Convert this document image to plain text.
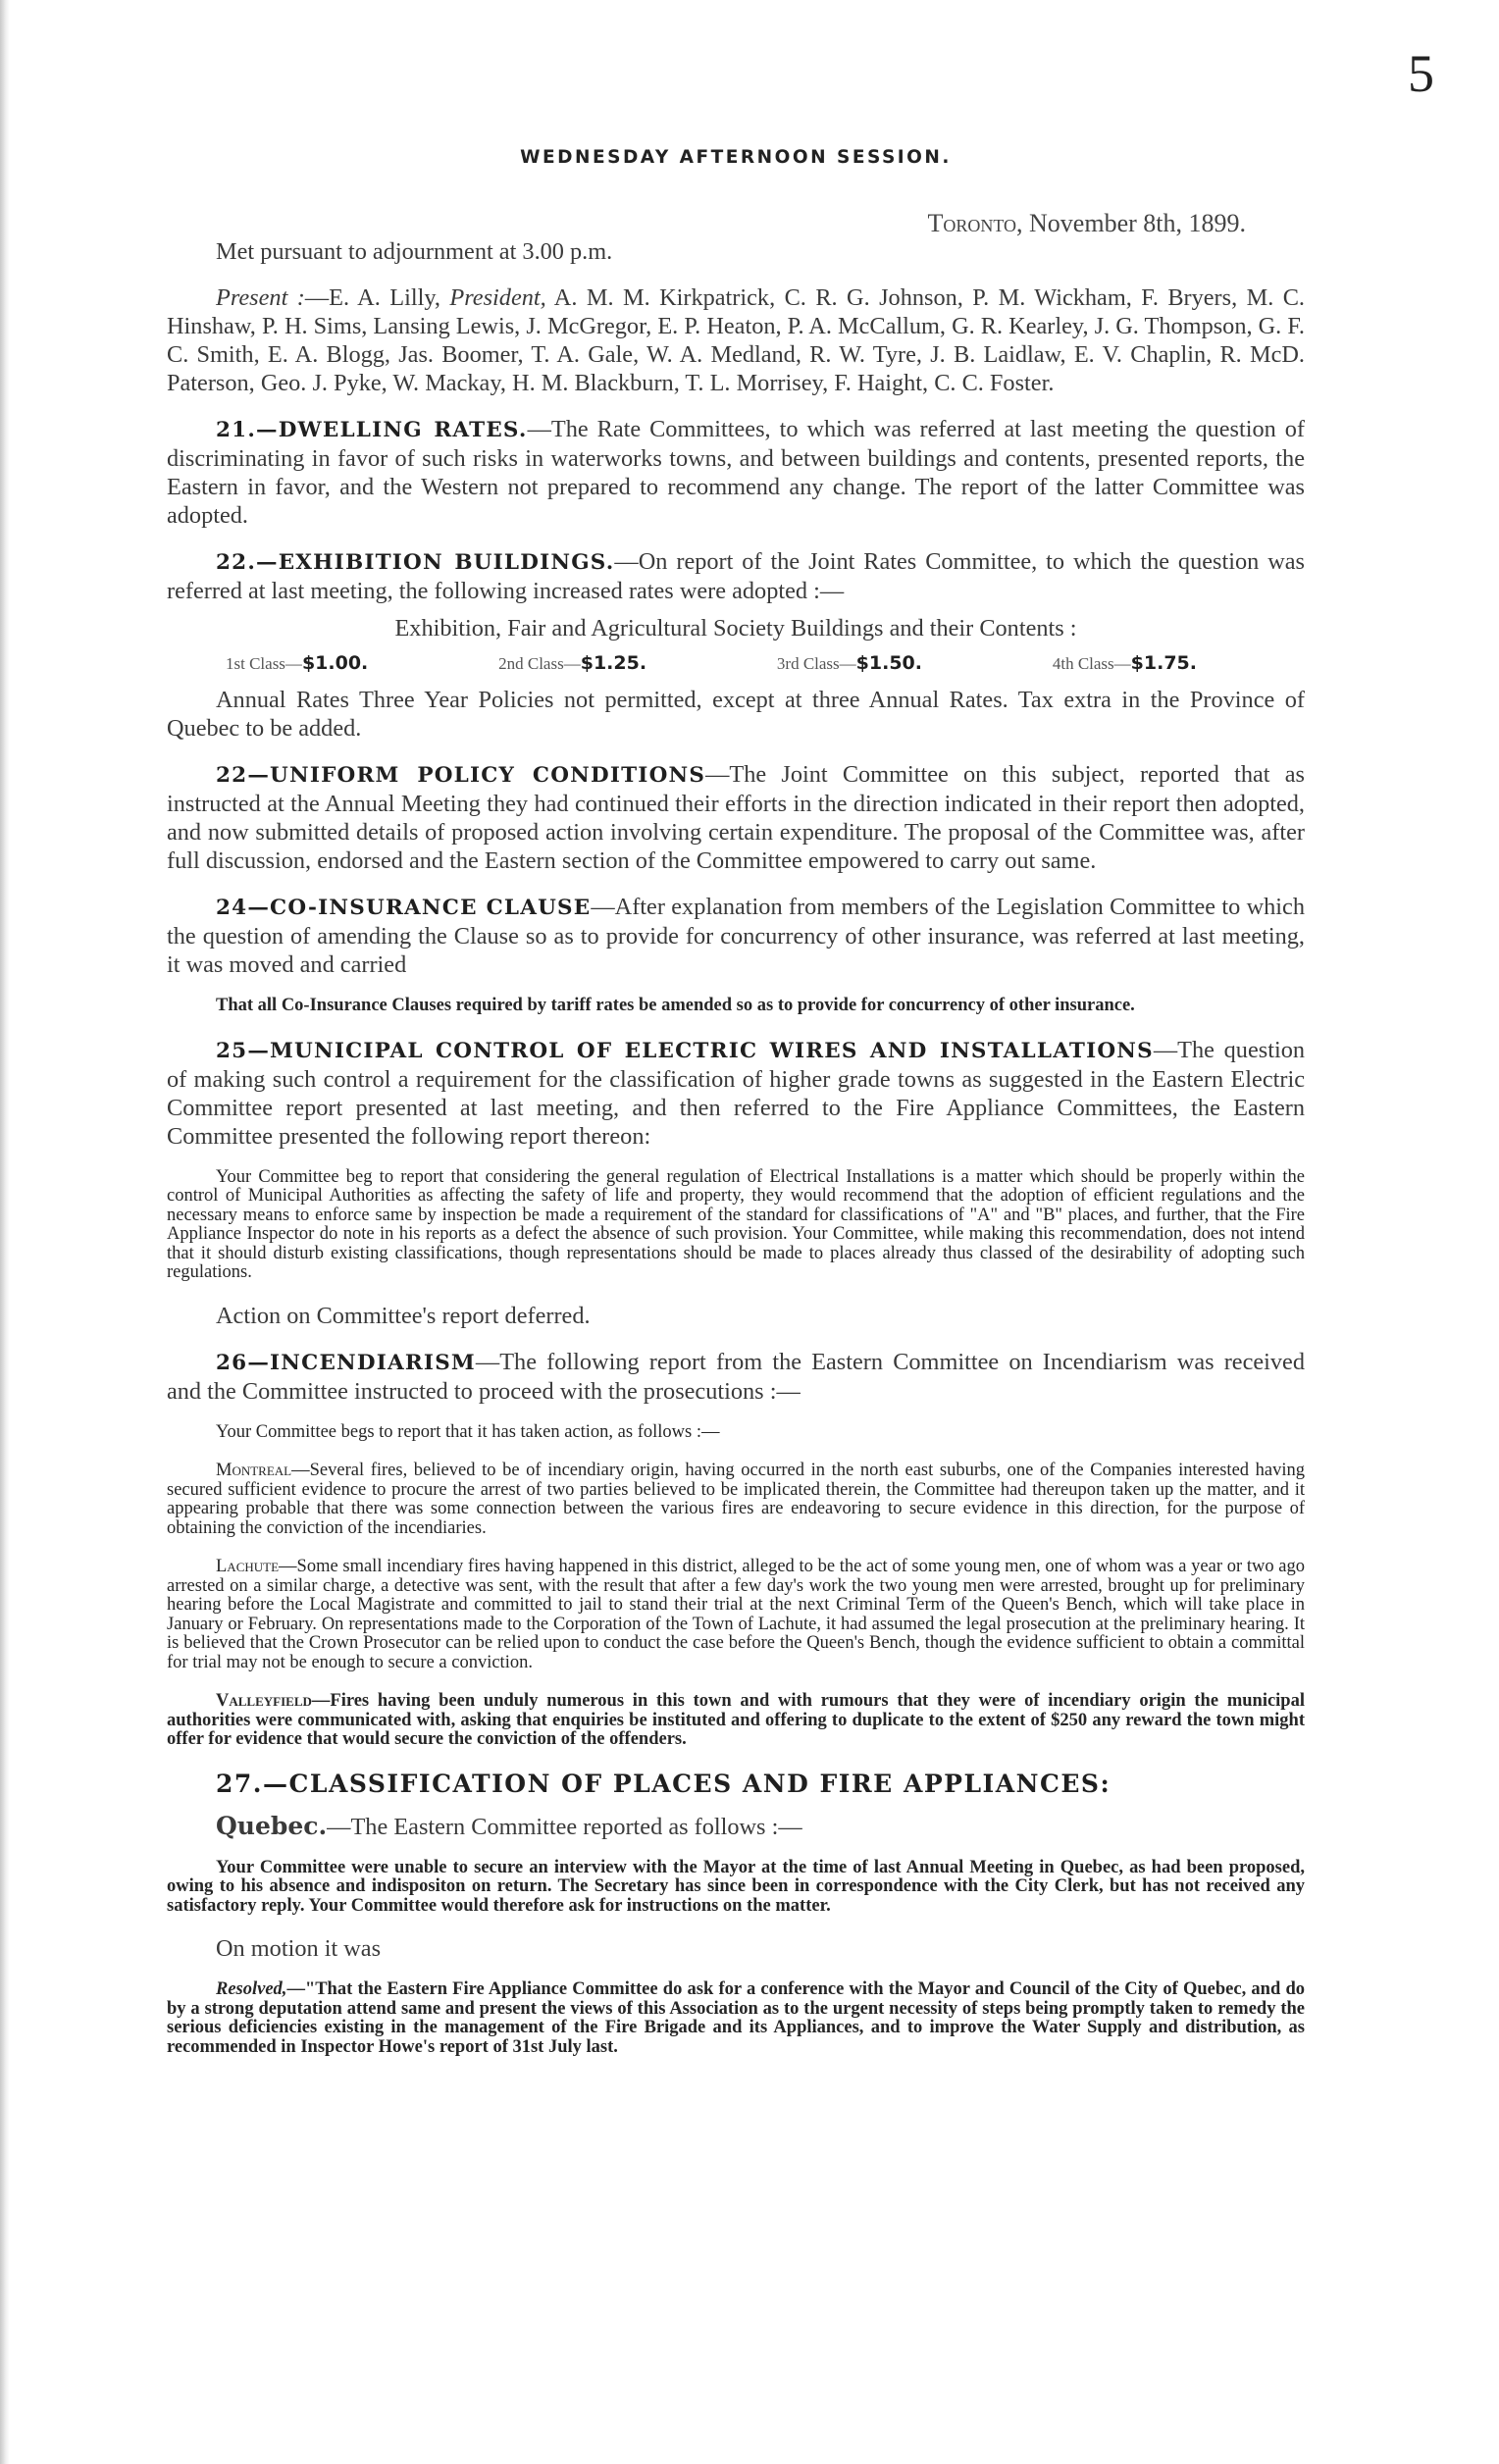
5
WEDNESDAY AFTERNOON SESSION.

Toronto, November 8th, 1899.

Met pursuant to adjournment at 3.00 p.m.

Present :—E. A. Lilly, President, A. M. M. Kirkpatrick, C. R. G. Johnson, P. M. Wickham, F. Bryers, M. C. Hinshaw, P. H. Sims, Lansing Lewis, J. McGregor, E. P. Heaton, P. A. McCallum, G. R. Kearley, J. G. Thompson, G. F. C. Smith, E. A. Blogg, Jas. Boomer, T. A. Gale, W. A. Medland, R. W. Tyre, J. B. Laidlaw, E. V. Chaplin, R. McD. Paterson, Geo. J. Pyke, W. Mackay, H. M. Blackburn, T. L. Morrisey, F. Haight, C. C. Foster.

21.—DWELLING RATES.—The Rate Committees, to which was referred at last meeting the question of discriminating in favor of such risks in waterworks towns, and between buildings and contents, presented reports, the Eastern in favor, and the Western not prepared to recommend any change. The report of the latter Committee was adopted.

22.—EXHIBITION BUILDINGS.—On report of the Joint Rates Committee, to which the question was referred at last meeting, the following increased rates were adopted :—

Exhibition, Fair and Agricultural Society Buildings and their Contents :
1st Class—$1.00.	2nd Class—$1.25.	3rd Class—$1.50.	4th Class—$1.75.

Annual Rates Three Year Policies not permitted, except at three Annual Rates. Tax extra in the Province of Quebec to be added.

22—UNIFORM POLICY CONDITIONS—The Joint Committee on this subject, reported that as instructed at the Annual Meeting they had continued their efforts in the direction indicated in their report then adopted, and now submitted details of proposed action involving certain expenditure. The proposal of the Committee was, after full discussion, endorsed and the Eastern section of the Committee empowered to carry out same.

24—CO-INSURANCE CLAUSE—After explanation from members of the Legislation Committee to which the question of amending the Clause so as to provide for concurrency of other insurance, was referred at last meeting, it was moved and carried

That all Co-Insurance Clauses required by tariff rates be amended so as to provide for concurrency of other insurance.

25—MUNICIPAL CONTROL OF ELECTRIC WIRES AND INSTALLATIONS—The question of making such control a requirement for the classification of higher grade towns as suggested in the Eastern Electric Committee report presented at last meeting, and then referred to the Fire Appliance Committees, the Eastern Committee presented the following report thereon:

Your Committee beg to report that considering the general regulation of Electrical Installations is a matter which should be properly within the control of Municipal Authorities as affecting the safety of life and property, they would recommend that the adoption of efficient regulations and the necessary means to enforce same by inspection be made a requirement of the standard for classifications of "A" and "B" places, and further, that the Fire Appliance Inspector do note in his reports as a defect the absence of such provision. Your Committee, while making this recommendation, does not intend that it should disturb existing classifications, though representations should be made to places already thus classed of the desirability of adopting such regulations.

Action on Committee's report deferred.

26—INCENDIARISM—The following report from the Eastern Committee on Incendiarism was received and the Committee instructed to proceed with the prosecutions :—

Your Committee begs to report that it has taken action, as follows :—

Montreal—Several fires, believed to be of incendiary origin, having occurred in the north east suburbs, one of the Companies interested having secured sufficient evidence to procure the arrest of two parties believed to be implicated therein, the Committee had thereupon taken up the matter, and it appearing probable that there was some connection between the various fires are endeavoring to secure evidence in this direction, for the purpose of obtaining the conviction of the incendiaries.

Lachute—Some small incendiary fires having happened in this district, alleged to be the act of some young men, one of whom was a year or two ago arrested on a similar charge, a detective was sent, with the result that after a few day's work the two young men were arrested, brought up for preliminary hearing before the Local Magistrate and committed to jail to stand their trial at the next Criminal Term of the Queen's Bench, which will take place in January or February. On representations made to the Corporation of the Town of Lachute, it had assumed the legal prosecution at the preliminary hearing. It is believed that the Crown Prosecutor can be relied upon to conduct the case before the Queen's Bench, though the evidence sufficient to obtain a committal for trial may not be enough to secure a conviction.

Valleyfield—Fires having been unduly numerous in this town and with rumours that they were of incendiary origin the municipal authorities were communicated with, asking that enquiries be instituted and offering to duplicate to the extent of $250 any reward the town might offer for evidence that would secure the conviction of the offenders.

27.—CLASSIFICATION OF PLACES AND FIRE APPLIANCES:

Quebec.—The Eastern Committee reported as follows :—

Your Committee were unable to secure an interview with the Mayor at the time of last Annual Meeting in Quebec, as had been proposed, owing to his absence and indispositon on return. The Secretary has since been in correspondence with the City Clerk, but has not received any satisfactory reply. Your Committee would therefore ask for instructions on the matter.

On motion it was

Resolved,—"That the Eastern Fire Appliance Committee do ask for a conference with the Mayor and Council of the City of Quebec, and do by a strong deputation attend same and present the views of this Association as to the urgent necessity of steps being promptly taken to remedy the serious deficiencies existing in the management of the Fire Brigade and its Appliances, and to improve the Water Supply and distribution, as recommended in Inspector Howe's report of 31st July last.
